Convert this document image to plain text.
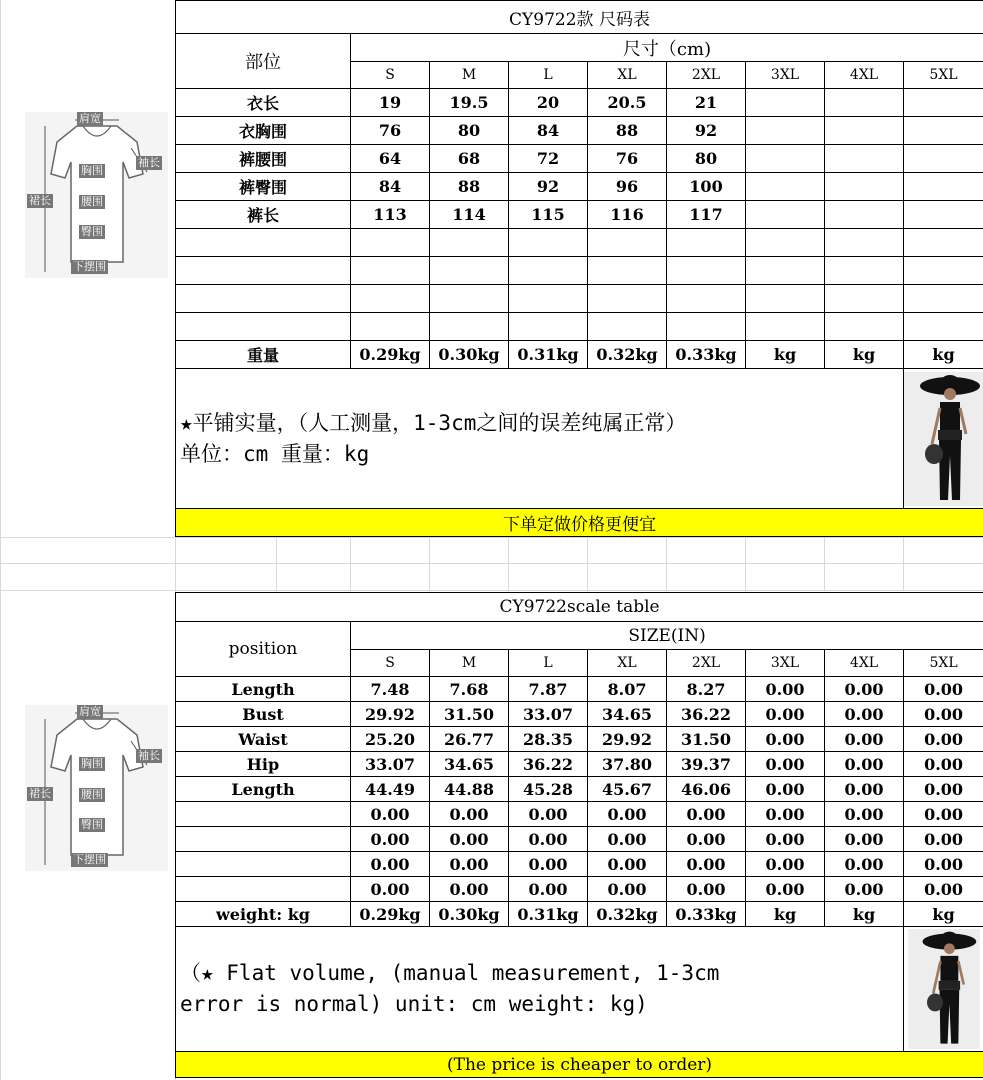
肩宽
袖长
胸围
裙长	腰围
臀围
下摆围
肩宽
袖长
胸围
裙长	腰围
臀围
下摆围
CY9722款 尺码表								
部位	尺寸（cm)							
	S	M	L	XL	2XL	3XL	4XL	5XL
衣长	19	19.5	20	20.5	21			
衣胸围	76	80	84	88	92			
裤腰围	64	68	72	76	80			
裤臀围	84	88	92	96	100			
裤长	113	114	115	116	117			

重量	0.29kg	0.30kg	0.31kg	0.32kg	0.33kg	kg	kg	kg

★平铺实量，（人工测量，1-3cm之间的误差纯属正常）
单位：cm 重量：kg

下单定做价格更便宜								
CY9722scale table								
position	SIZE(IN)							
	S	M	L	XL	2XL	3XL	4XL	5XL
Length	7.48	7.68	7.87	8.07	8.27	0.00	0.00	0.00
Bust	29.92	31.50	33.07	34.65	36.22	0.00	0.00	0.00
Waist	25.20	26.77	28.35	29.92	31.50	0.00	0.00	0.00
Hip	33.07	34.65	36.22	37.80	39.37	0.00	0.00	0.00
Length	44.49	44.88	45.28	45.67	46.06	0.00	0.00	0.00
	0.00	0.00	0.00	0.00	0.00	0.00	0.00	0.00
	0.00	0.00	0.00	0.00	0.00	0.00	0.00	0.00
	0.00	0.00	0.00	0.00	0.00	0.00	0.00	0.00
	0.00	0.00	0.00	0.00	0.00	0.00	0.00	0.00
weight: kg	0.29kg	0.30kg	0.31kg	0.32kg	0.33kg	kg	kg	kg

（★ Flat volume, (manual measurement, 1-3cm
error is normal) unit: cm weight: kg)

(The price is cheaper to order)								
